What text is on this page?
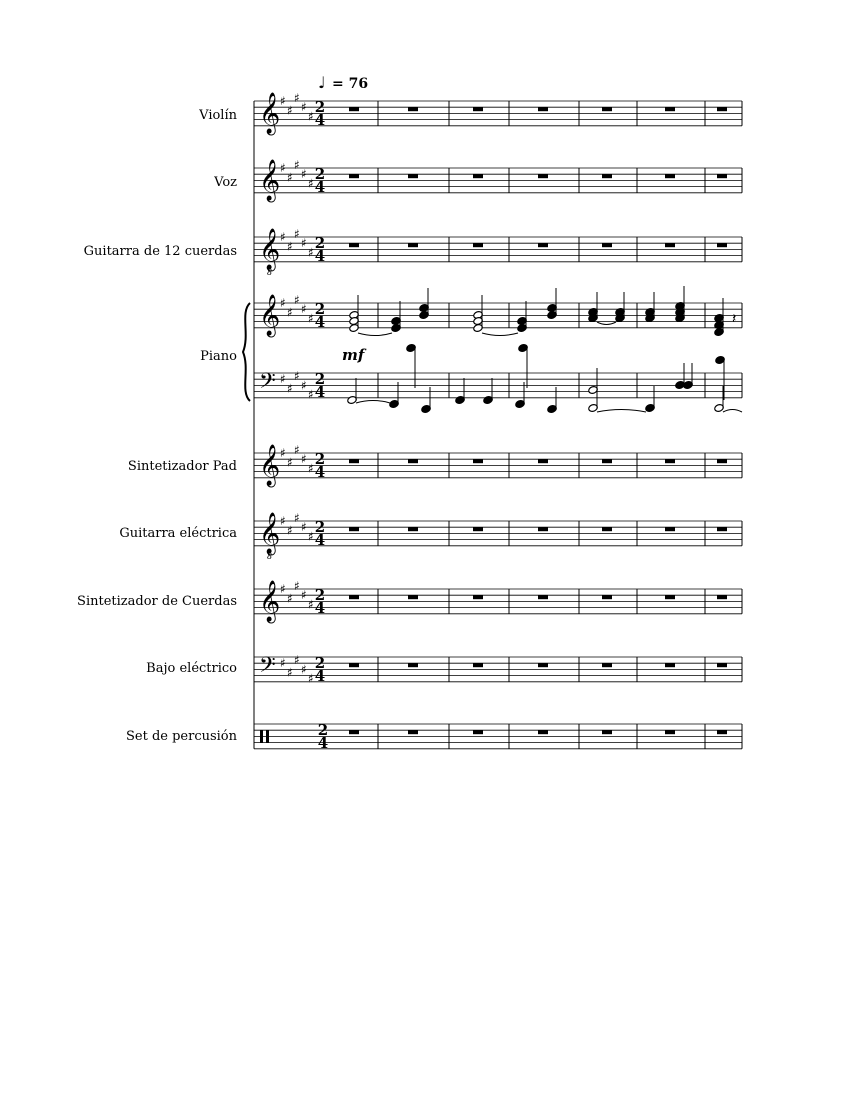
♩ = 76
Violín
Voz
Guitarra de 12 cuerdas
Piano
Sintetizador Pad
Guitarra eléctrica
Sintetizador de Cuerdas
Bajo eléctrico
Set de percusión
𝄞 ♯
♯
♯
♯
♯
2
4
𝄞 ♯
♯
♯
♯
♯
2
4
𝄞
8
♯
♯
♯
♯
♯
2
4
𝄞 ♯
♯
♯
♯
♯
2
4
𝄢 ♯
♯
♯
♯
♯
2
4
𝄞 ♯
♯
♯
♯
♯
2
4
𝄞
8
♯
♯
♯
♯
♯
2
4
𝄞 ♯
♯
♯
♯
♯
2
4
𝄢 ♯
♯
♯
♯
♯
2
4
2
4
𝄽
mf
